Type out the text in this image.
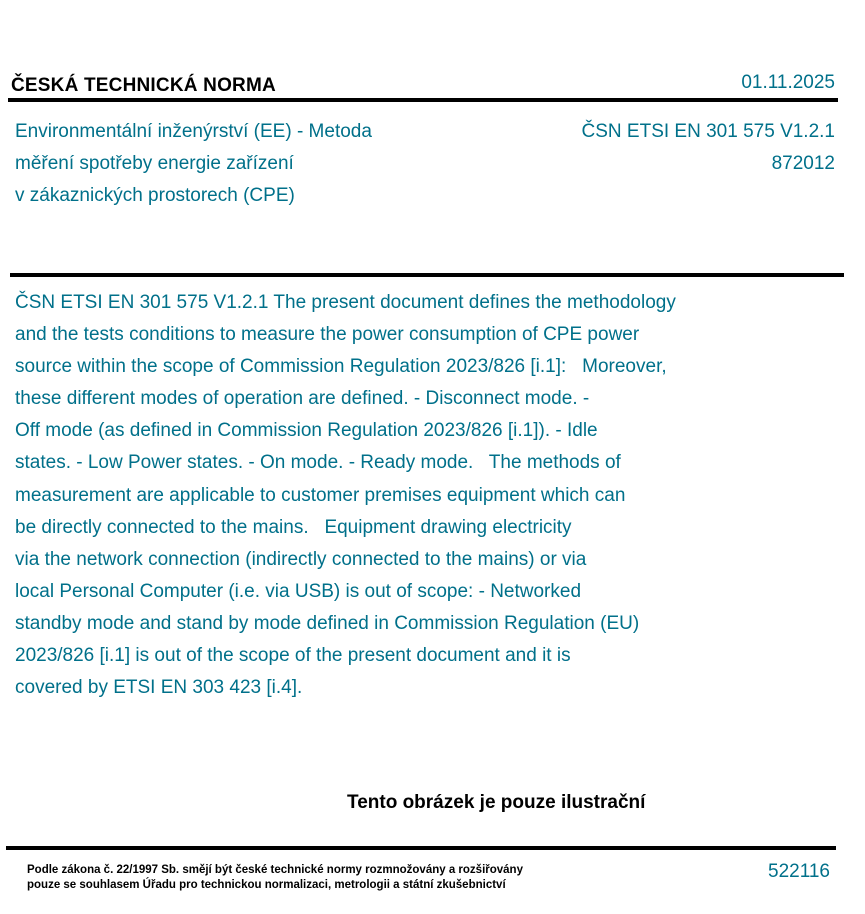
ČESKÁ TECHNICKÁ NORMA	01.11.2025
Environmentální inženýrství (EE) - Metoda
měření spotřeby energie zařízení
v zákaznických prostorech (CPE)
ČSN ETSI EN 301 575 V1.2.1
872012
ČSN ETSI EN 301 575 V1.2.1 The present document defines the methodology
and the tests conditions to measure the power consumption of CPE power
source within the scope of Commission Regulation 2023/826 [i.1]:   Moreover,
these different modes of operation are defined. - Disconnect mode. -
Off mode (as defined in Commission Regulation 2023/826 [i.1]). - Idle
states. - Low Power states. - On mode. - Ready mode.   The methods of
measurement are applicable to customer premises equipment which can
be directly connected to the mains.   Equipment drawing electricity
via the network connection (indirectly connected to the mains) or via
local Personal Computer (i.e. via USB) is out of scope: - Networked
standby mode and stand by mode defined in Commission Regulation (EU)
2023/826 [i.1] is out of the scope of the present document and it is
covered by ETSI EN 303 423 [i.4].
Tento obrázek je pouze ilustrační
Podle zákona č. 22/1997 Sb. smějí být české technické normy rozmnožovány a rozšiřovány
pouze se souhlasem Úřadu pro technickou normalizaci, metrologii a státní zkušebnictví
522116
